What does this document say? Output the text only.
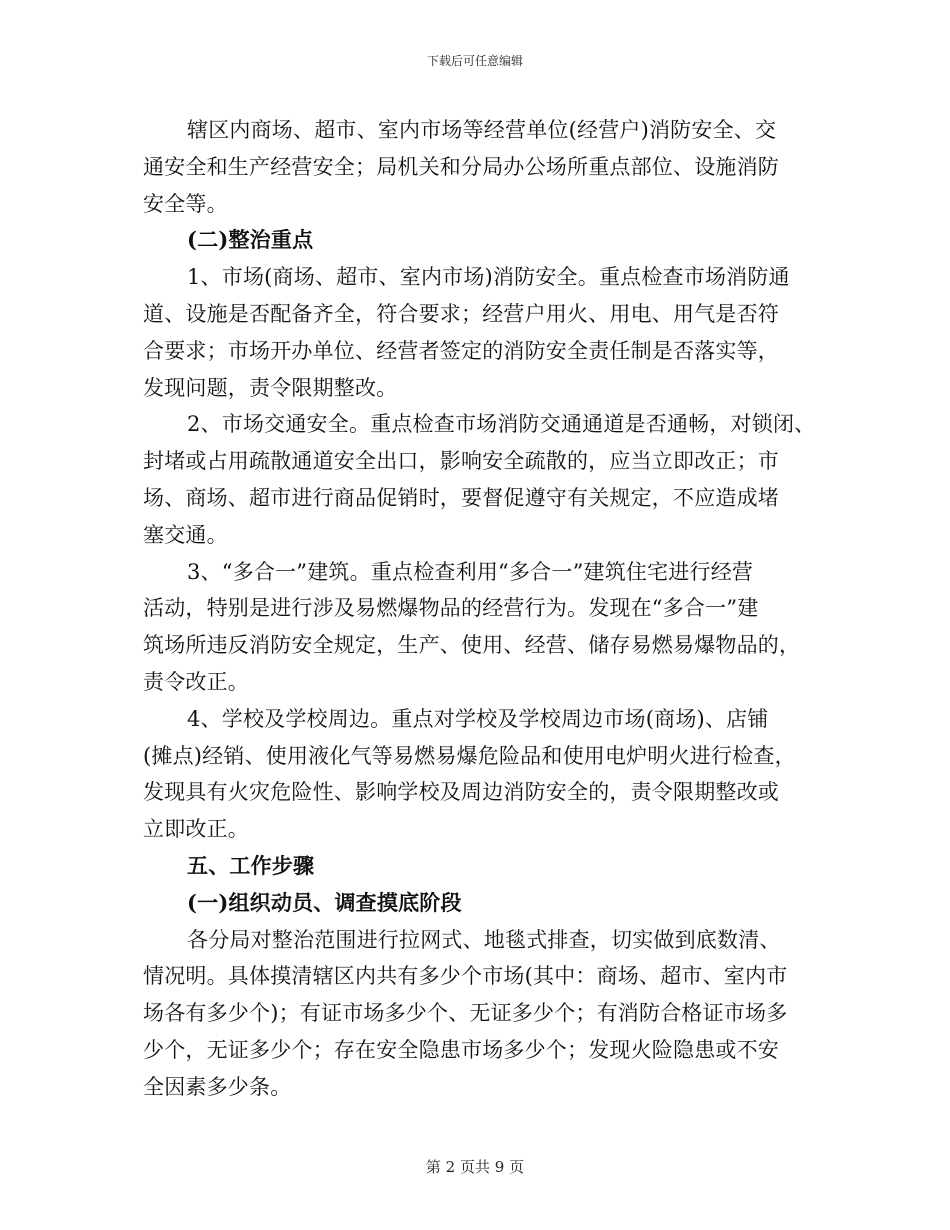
下载后可任意编辑
辖区内商场、超市、室内市场等经营单位(经营户)消防安全、交
通安全和生产经营安全；局机关和分局办公场所重点部位、设施消防
安全等。
(二)整治重点
1、市场(商场、超市、室内市场)消防安全。重点检查市场消防通
道、设施是否配备齐全，符合要求；经营户用火、用电、用气是否符
合要求；市场开办单位、经营者签定的消防安全责任制是否落实等，
发现问题，责令限期整改。
2、市场交通安全。重点检查市场消防交通通道是否通畅，对锁闭、
封堵或占用疏散通道安全出口，影响安全疏散的，应当立即改正；市
场、商场、超市进行商品促销时，要督促遵守有关规定，不应造成堵
塞交通。
3、“多合一”建筑。重点检查利用“多合一”建筑住宅进行经营
活动，特别是进行涉及易燃爆物品的经营行为。发现在“多合一”建
筑场所违反消防安全规定，生产、使用、经营、储存易燃易爆物品的，
责令改正。
4、学校及学校周边。重点对学校及学校周边市场(商场)、店铺
(摊点)经销、使用液化气等易燃易爆危险品和使用电炉明火进行检查，
发现具有火灾危险性、影响学校及周边消防安全的，责令限期整改或
立即改正。
五、工作步骤
(一)组织动员、调查摸底阶段
各分局对整治范围进行拉网式、地毯式排查，切实做到底数清、
情况明。具体摸清辖区内共有多少个市场(其中：商场、超市、室内市
场各有多少个)；有证市场多少个、无证多少个；有消防合格证市场多
少个，无证多少个；存在安全隐患市场多少个；发现火险隐患或不安
全因素多少条。
第 2 页共 9 页
